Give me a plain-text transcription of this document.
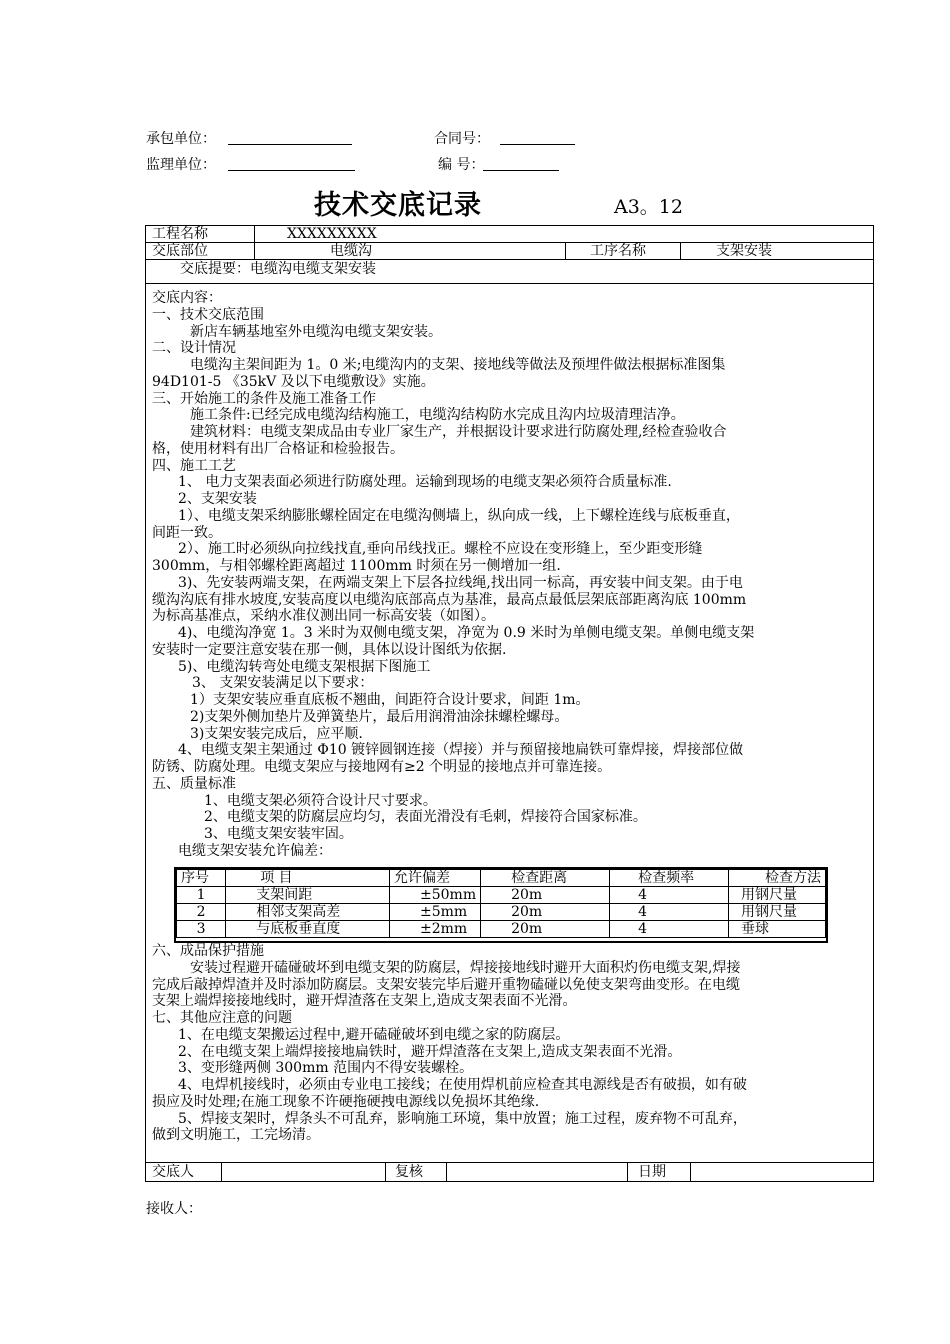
承包单位：	合同号：
监理单位：	编 号：
技术交底记录	A3。12
工程名称	XXXXXXXXX
交底部位	电缆沟	工序名称	支架安装
交底提要：电缆沟电缆支架安装
交底内容：
一、技术交底范围
新店车辆基地室外电缆沟电缆支架安装。
二、设计情况
电缆沟主架间距为 1。0 米;电缆沟内的支架、接地线等做法及预埋件做法根据标准图集
94D101-5 《35kV 及以下电缆敷设》实施。
三、开始施工的条件及施工准备工作
施工条件:已经完成电缆沟结构施工，电缆沟结构防水完成且沟内垃圾清理洁净。
建筑材料：电缆支架成品由专业厂家生产，并根据设计要求进行防腐处理,经检查验收合
格，使用材料有出厂合格证和检验报告。
四、施工工艺
1、 电力支架表面必须进行防腐处理。运输到现场的电缆支架必须符合质量标准.
2、支架安装
1）、电缆支架采纳膨胀螺栓固定在电缆沟侧墙上，纵向成一线，上下螺栓连线与底板垂直，
间距一致。
2）、施工时必须纵向拉线找直,垂向吊线找正。螺栓不应设在变形缝上，至少距变形缝
300mm，与相邻螺栓距离超过 1100mm 时须在另一侧增加一组.
3)、先安装两端支架，在两端支架上下层各拉线绳,找出同一标高，再安装中间支架。由于电
缆沟沟底有排水坡度,安装高度以电缆沟底部高点为基准，最高点最低层架底部距离沟底 100mm
为标高基准点，采纳水准仪测出同一标高安装（如图）。
4)、电缆沟净宽 1。3 米时为双侧电缆支架，净宽为 0.9 米时为单侧电缆支架。单侧电缆支架
安装时一定要注意安装在那一侧，具体以设计图纸为依据.
5)、电缆沟转弯处电缆支架根据下图施工
3、 支架安装满足以下要求：
1）支架安装应垂直底板不翘曲，间距符合设计要求，间距 1m。
2)支架外侧加垫片及弹簧垫片，最后用润滑油涂抹螺栓螺母。
3)支架安装完成后，应平顺.
4、电缆支架主架通过 Φ10 镀锌圆钢连接（焊接）并与预留接地扁铁可靠焊接，焊接部位做
防锈、防腐处理。电缆支架应与接地网有≥2 个明显的接地点并可靠连接。
五、质量标准
1、电缆支架必须符合设计尺寸要求。
2、电缆支架的防腐层应均匀，表面光滑没有毛刺，焊接符合国家标准。
3、电缆支架安装牢固。
电缆支架安装允许偏差：
序号	项 目	允许偏差	检查距离	检查频率	检查方法
1	支架间距	±50mm	20m	4	用钢尺量
2	相邻支架高差	±5mm	20m	4	用钢尺量
3	与底板垂直度	±2mm	20m	4	垂球
六、成品保护措施
安装过程避开磕碰破坏到电缆支架的防腐层，焊接接地线时避开大面积灼伤电缆支架,焊接
完成后敲掉焊渣并及时添加防腐层。支架安装完毕后避开重物磕碰以免使支架弯曲变形。在电缆
支架上端焊接接地线时，避开焊渣落在支架上,造成支架表面不光滑。
七、其他应注意的问题
1、在电缆支架搬运过程中,避开磕碰破坏到电缆之家的防腐层。
2、在电缆支架上端焊接接地扁铁时，避开焊渣落在支架上,造成支架表面不光滑。
3、变形缝两侧 300mm 范围内不得安装螺栓。
4、电焊机接线时，必须由专业电工接线；在使用焊机前应检查其电源线是否有破损，如有破
损应及时处理;在施工现象不许硬拖硬拽电源线以免损坏其绝缘.
5、焊接支架时，焊条头不可乱弃，影响施工环境，集中放置；施工过程，废弃物不可乱弃，
做到文明施工，工完场清。
交底人	复核	日期
接收人：
